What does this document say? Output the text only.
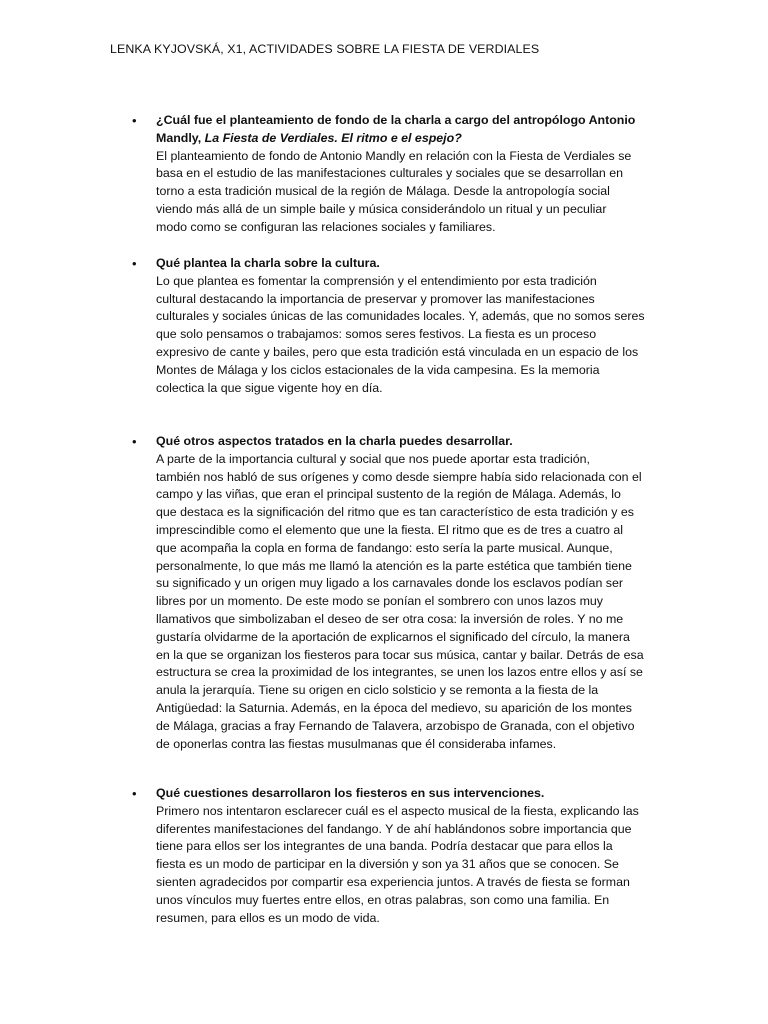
LENKA KYJOVSKÁ, X1, ACTIVIDADES SOBRE LA FIESTA DE VERDIALES
• ¿Cuál fue el planteamiento de fondo de la charla a cargo del antropólogo Antonio Mandly, La Fiesta de Verdiales. El ritmo e el espejo?

El planteamiento de fondo de Antonio Mandly en relación con la Fiesta de Verdiales se
basa en el estudio de las manifestaciones culturales y sociales que se desarrollan en
torno a esta tradición musical de la región de Málaga. Desde la antropología social
viendo más allá de un simple baile y música considerándolo un ritual y un peculiar
modo como se configuran las relaciones sociales y familiares.

• Qué plantea la charla sobre la cultura.

Lo que plantea es fomentar la comprensión y el entendimiento por esta tradición
cultural destacando la importancia de preservar y promover las manifestaciones
culturales y sociales únicas de las comunidades locales. Y, además, que no somos seres
que solo pensamos o trabajamos: somos seres festivos. La fiesta es un proceso
expresivo de cante y bailes, pero que esta tradición está vinculada en un espacio de los
Montes de Málaga y los ciclos estacionales de la vida campesina. Es la memoria
colectica la que sigue vigente hoy en día.

• Qué otros aspectos tratados en la charla puedes desarrollar.

A parte de la importancia cultural y social que nos puede aportar esta tradición,
también nos habló de sus orígenes y como desde siempre había sido relacionada con el
campo y las viñas, que eran el principal sustento de la región de Málaga. Además, lo
que destaca es la significación del ritmo que es tan característico de esta tradición y es
imprescindible como el elemento que une la fiesta. El ritmo que es de tres a cuatro al
que acompaña la copla en forma de fandango: esto sería la parte musical. Aunque,
personalmente, lo que más me llamó la atención es la parte estética que también tiene
su significado y un origen muy ligado a los carnavales donde los esclavos podían ser
libres por un momento. De este modo se ponían el sombrero con unos lazos muy
llamativos que simbolizaban el deseo de ser otra cosa: la inversión de roles. Y no me
gustaría olvidarme de la aportación de explicarnos el significado del círculo, la manera
en la que se organizan los fiesteros para tocar sus música, cantar y bailar. Detrás de esa
estructura se crea la proximidad de los integrantes, se unen los lazos entre ellos y así se
anula la jerarquía. Tiene su origen en ciclo solsticio y se remonta a la fiesta de la
Antigüedad: la Saturnia. Además, en la época del medievo, su aparición de los montes
de Málaga, gracias a fray Fernando de Talavera, arzobispo de Granada, con el objetivo
de oponerlas contra las fiestas musulmanas que él consideraba infames.

• Qué cuestiones desarrollaron los fiesteros en sus intervenciones.

Primero nos intentaron esclarecer cuál es el aspecto musical de la fiesta, explicando las
diferentes manifestaciones del fandango. Y de ahí hablándonos sobre importancia que
tiene para ellos ser los integrantes de una banda. Podría destacar que para ellos la
fiesta es un modo de participar en la diversión y son ya 31 años que se conocen. Se
sienten agradecidos por compartir esa experiencia juntos. A través de fiesta se forman
unos vínculos muy fuertes entre ellos, en otras palabras, son como una familia. En
resumen, para ellos es un modo de vida.
